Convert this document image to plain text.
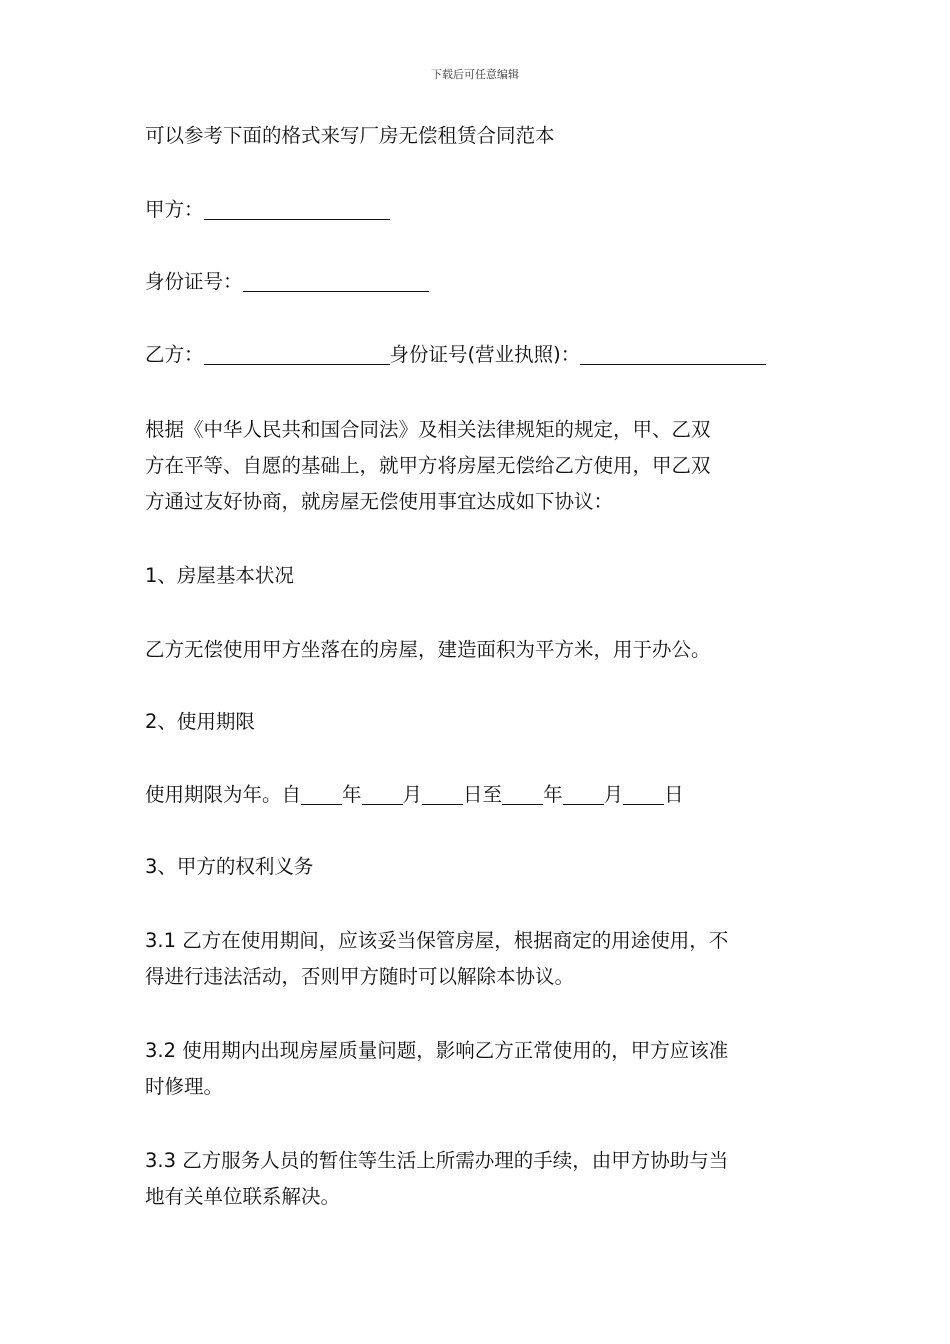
下载后可任意编辑

可以参考下面的格式来写厂房无偿租赁合同范本

甲方：

身份证号：

乙方：	身份证号(营业执照)：

根据《中华人民共和国合同法》及相关法律规矩的规定，甲、乙双
方在平等、自愿的基础上，就甲方将房屋无偿给乙方使用，甲乙双
方通过友好协商，就房屋无偿使用事宜达成如下协议：

1、房屋基本状况

乙方无偿使用甲方坐落在的房屋，建造面积为平方米，用于办公。

2、使用期限

使用期限为年。自 年 月 日至 年 月 日

3、甲方的权利义务

3.1 乙方在使用期间，应该妥当保管房屋，根据商定的用途使用，不
得进行违法活动，否则甲方随时可以解除本协议。
3.2 使用期内出现房屋质量问题，影响乙方正常使用的，甲方应该准
时修理。
3.3 乙方服务人员的暂住等生活上所需办理的手续，由甲方协助与当
地有关单位联系解决。
